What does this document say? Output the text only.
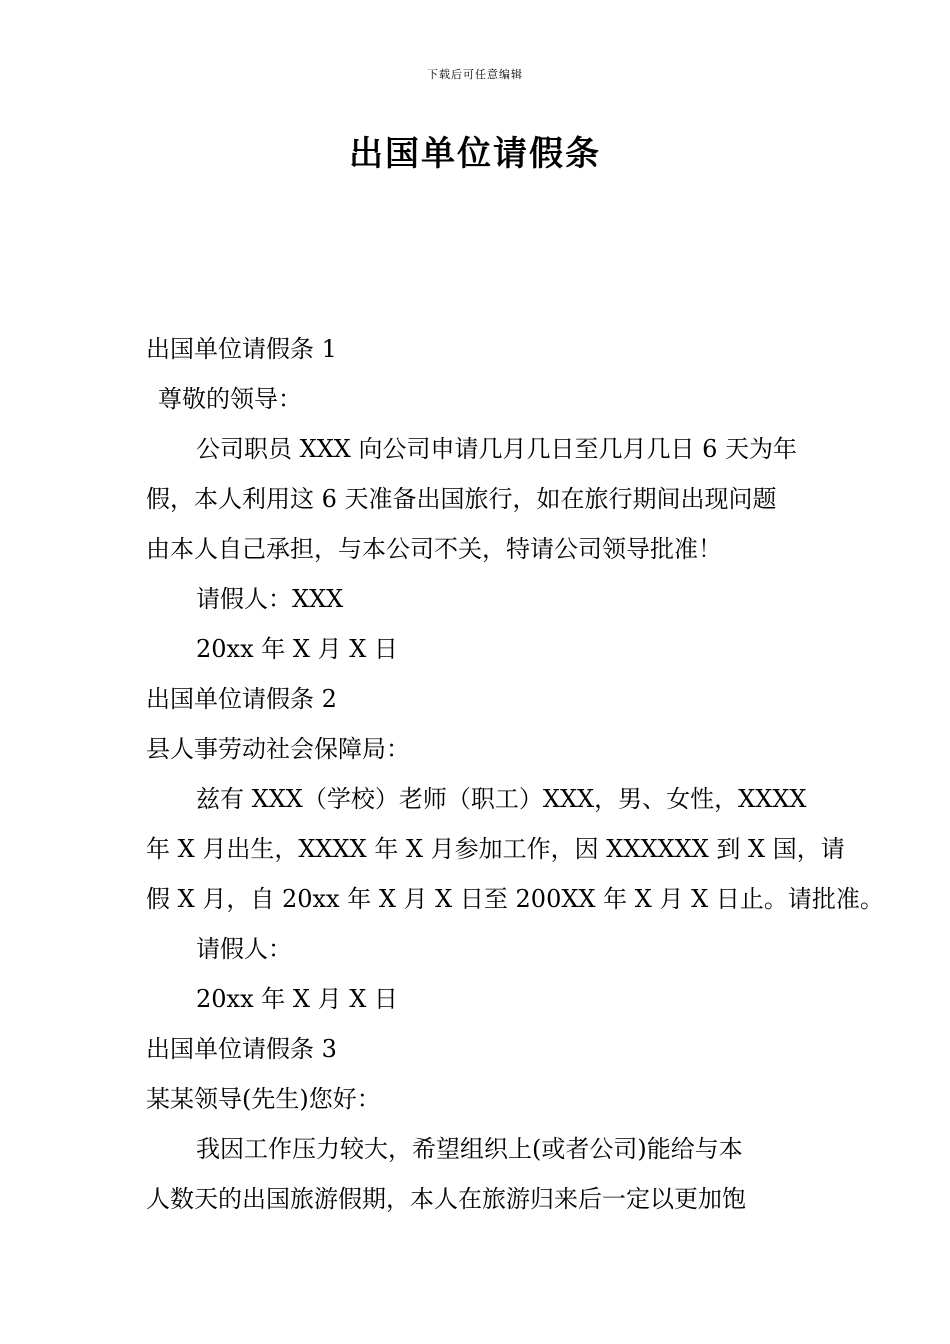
下载后可任意编辑
出国单位请假条

出国单位请假条 1

尊敬的领导：

公司职员 XXX 向公司申请几月几日至几月几日 6 天为年

假，本人利用这 6 天准备出国旅行，如在旅行期间出现问题

由本人自己承担，与本公司不关，特请公司领导批准！

请假人：XXX

20xx 年 X 月 X 日

出国单位请假条 2

县人事劳动社会保障局：

兹有 XXX（学校）老师（职工）XXX，男、女性，XXXX

年 X 月出生，XXXX 年 X 月参加工作，因 XXXXXX 到 X 国，请

假 X 月，自 20xx 年 X 月 X 日至 200XX 年 X 月 X 日止。请批准。

请假人：

20xx 年 X 月 X 日

出国单位请假条 3

某某领导(先生)您好：

我因工作压力较大，希望组织上(或者公司)能给与本

人数天的出国旅游假期，本人在旅游归来后一定以更加饱
